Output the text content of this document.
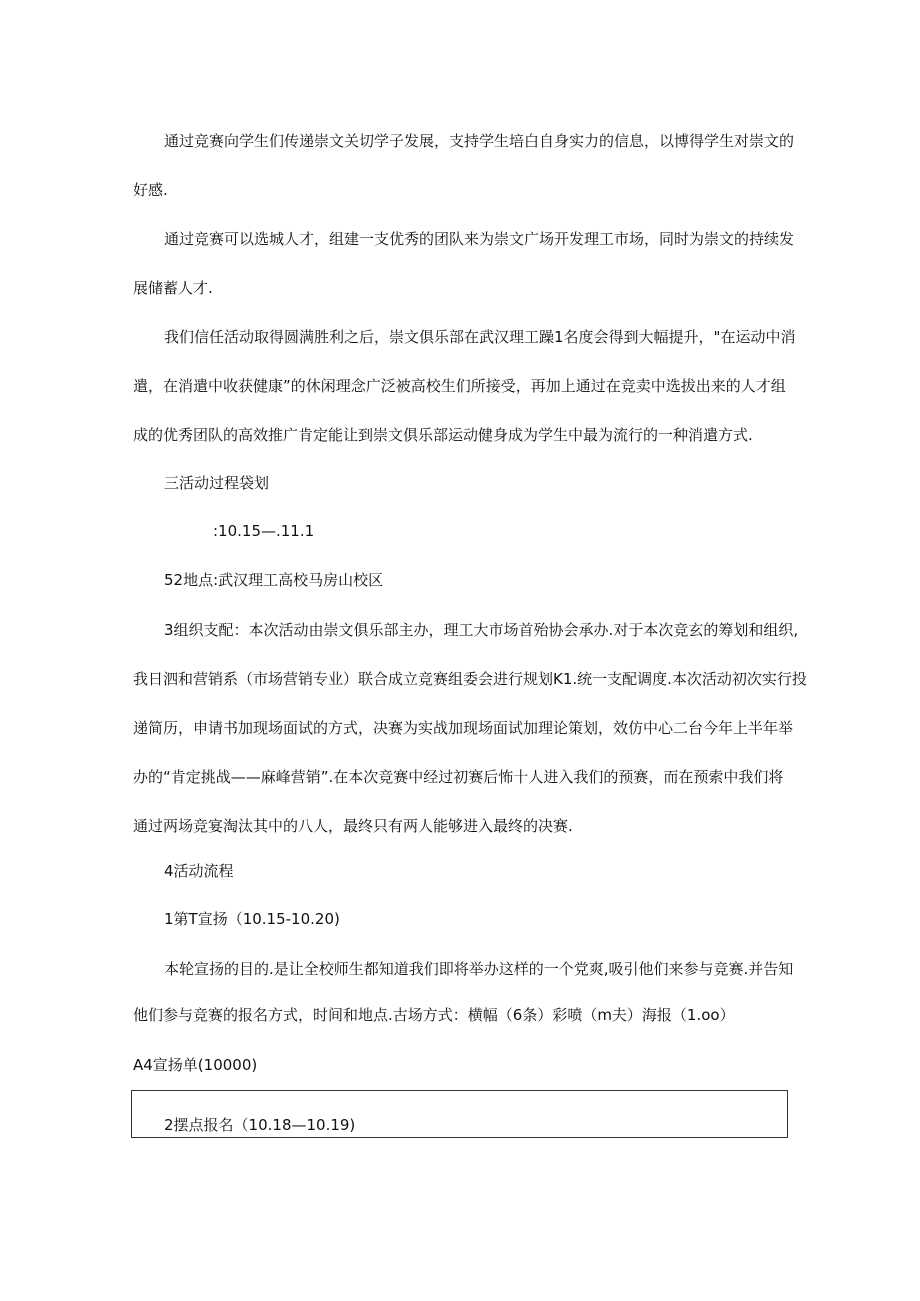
通过竞赛向学生们传递崇文关切学子发展，支持学生培白自身实力的信息，以博得学生对崇文的
好感.
通过竞赛可以选城人才，组建一支优秀的团队来为崇文广场开发理工市场，同时为崇文的持续发
展储蓄人才.
我们信任活动取得圆满胜利之后，崇文俱乐部在武汉理工躁1名度会得到大幅提升，"在运动中消
遣，在消遣中收获健康”的休闲理念广泛被高校生们所接受，再加上通过在竞卖中选拔出来的人才组
成的优秀团队的高效推广肯定能让到崇文俱乐部运动健身成为学生中最为流行的一种消遣方式.
三活动过程袋划
:10.15—.11.1
52地点:武汉理工高校马房山校区
3组织支配：本次活动由崇文俱乐部主办，理工大市场首殆协会承办.对于本次竞玄的筹划和组织,
我日泗和营销系（市场营销专业）联合成立竞赛组委会进行规划K1.统一支配调度.本次活动初次实行投
递简历，申请书加现场面试的方式，决赛为实战加现场面试加理论策划，效仿中心二台今年上半年举
办的“肯定挑战——麻峰营销”.在本次竞赛中经过初赛后怖十人进入我们的预赛，而在预索中我们将
通过两场竞宴淘汰其中的八人，最终只有两人能够进入最终的决赛.
4活动流程
1第T宣扬（10.15-10.20)
本轮宣扬的目的.是让全校师生都知道我们即将举办这样的一个党爽,吸引他们来参与竞赛.并告知
他们参与竞赛的报名方式，时间和地点.古场方式：横幅（6条）彩喷（m夫）海报（1.oo）
A4宣扬单(10000)
2摆点报名（10.18—10.19)
